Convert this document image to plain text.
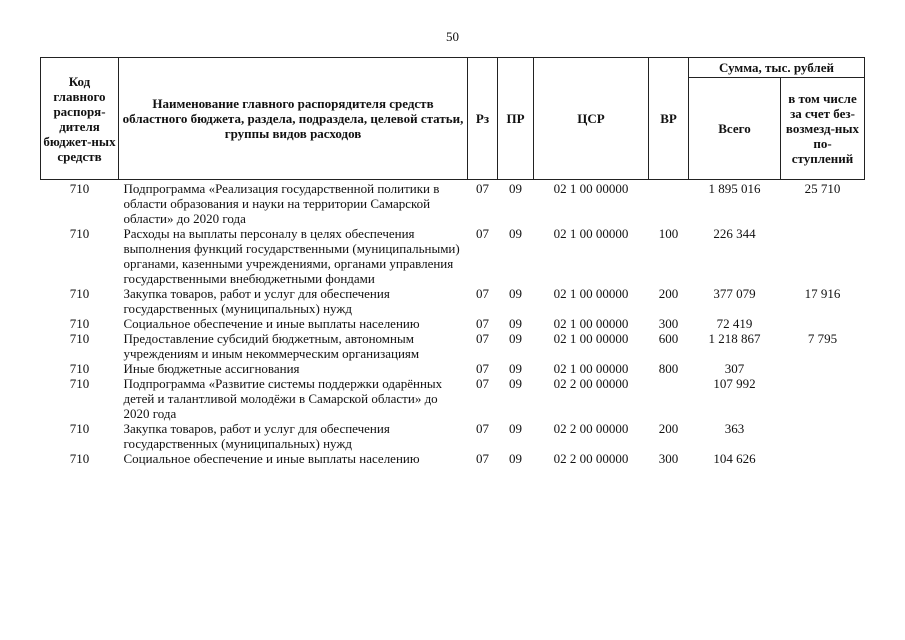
50
Код главного распоря-дителя бюджет-ных средств	Наименование главного распорядителя средств областного бюджета, раздела, подраздела, целевой статьи, группы видов расходов	Рз	ПР	ЦСР	ВР	Сумма, тыс. рублей	
						Всего	в том числе за счет без-возмезд-ных по-ступлений
710	Подпрограмма «Реализация государственной политики в области образования и науки на территории Самарской области» до 2020 года	07	09	02 1 00 00000		1 895 016	25 710
710	Расходы на выплаты персоналу в целях обеспечения выполнения функций государственными (муниципальными) органами, казенными учреждениями, органами управления государственными внебюджетными фондами	07	09	02 1 00 00000	100	226 344	
710	Закупка товаров, работ и услуг для обеспечения государственных (муниципальных) нужд	07	09	02 1 00 00000	200	377 079	17 916
710	Социальное обеспечение и иные выплаты населению	07	09	02 1 00 00000	300	72 419	
710	Предоставление субсидий бюджетным, автономным учреждениям и иным некоммерческим организациям	07	09	02 1 00 00000	600	1 218 867	7 795
710	Иные бюджетные ассигнования	07	09	02 1 00 00000	800	307	
710	Подпрограмма «Развитие системы поддержки одарённых детей и талантливой молодёжи в Самарской области» до 2020 года	07	09	02 2 00 00000		107 992	
710	Закупка товаров, работ и услуг для обеспечения государственных (муниципальных) нужд	07	09	02 2 00 00000	200	363	
710	Социальное обеспечение и иные выплаты населению	07	09	02 2 00 00000	300	104 626	
